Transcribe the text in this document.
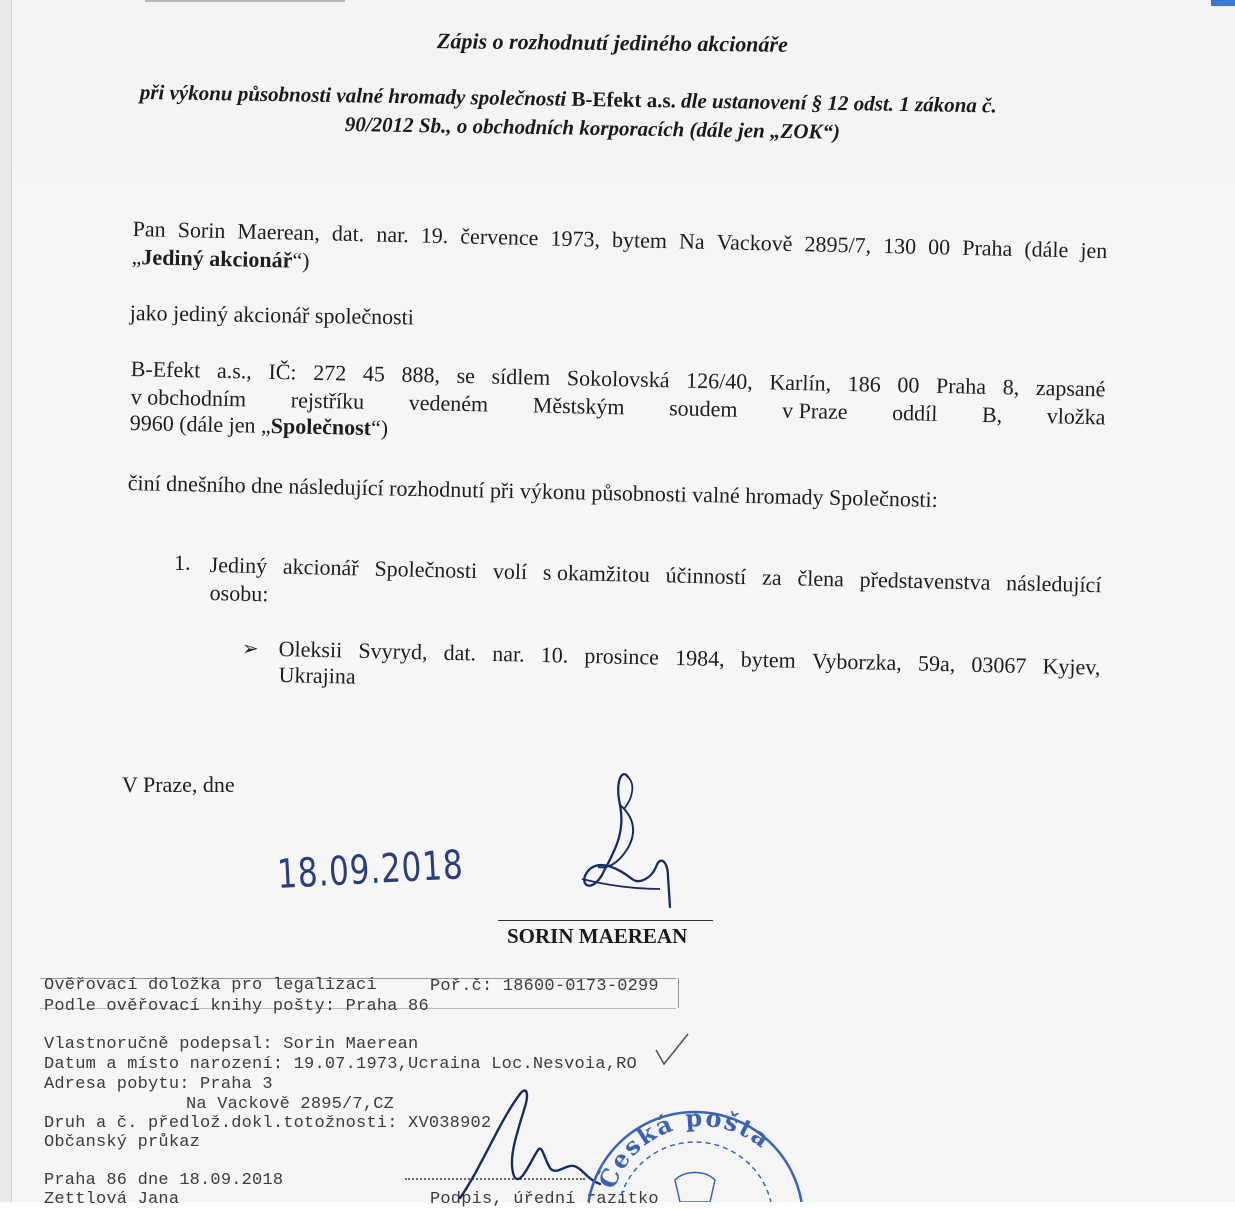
Zápis o rozhodnutí jediného akcionáře
při výkonu působnosti valné hromady společnosti B-Efekt a.s. dle ustanovení § 12 odst. 1 zákona č.
90/2012 Sb., o obchodních korporacích (dále jen „ZOK“)
Pan Sorin Maerean, dat. nar. 19. července 1973, bytem Na Vackově 2895/7, 130 00 Praha (dále jen
„Jediný akcionář“)
jako jediný akcionář společnosti
B-Efekt a.s., IČ: 272 45 888, se sídlem Sokolovská 126/40, Karlín, 186 00 Praha 8, zapsané
v obchodním rejstříku vedeném Městským soudem v Praze oddíl B, vložka
9960 (dále jen „Společnost“)
činí dnešního dne následující rozhodnutí při výkonu působnosti valné hromady Společnosti:
1. Jediný akcionář Společnosti volí s okamžitou účinností za člena představenstva následující
osobu:
➢ Oleksii Svyryd, dat. nar. 10. prosince 1984, bytem Vyborzka, 59a, 03067 Kyjev,
Ukrajina
V Praze, dne
18.09.2018
SORIN MAEREAN
Ověřovací doložka pro legalizaci	Poř.č: 18600-0173-0299
Podle ověřovací knihy pošty: Praha 86
Vlastnoručně podepsal: Sorin Maerean
Datum a místo narození: 19.07.1973,Ucraina Loc.Nesvoia,RO
Adresa pobytu: Praha 3
Na Vackově 2895/7,CZ
Druh a č. předlož.dokl.totožnosti: XV038902
Občanský průkaz
Praha 86 dne 18.09.2018
Zettlová Jana	Podpis, úřední razítko
Česká pošta
